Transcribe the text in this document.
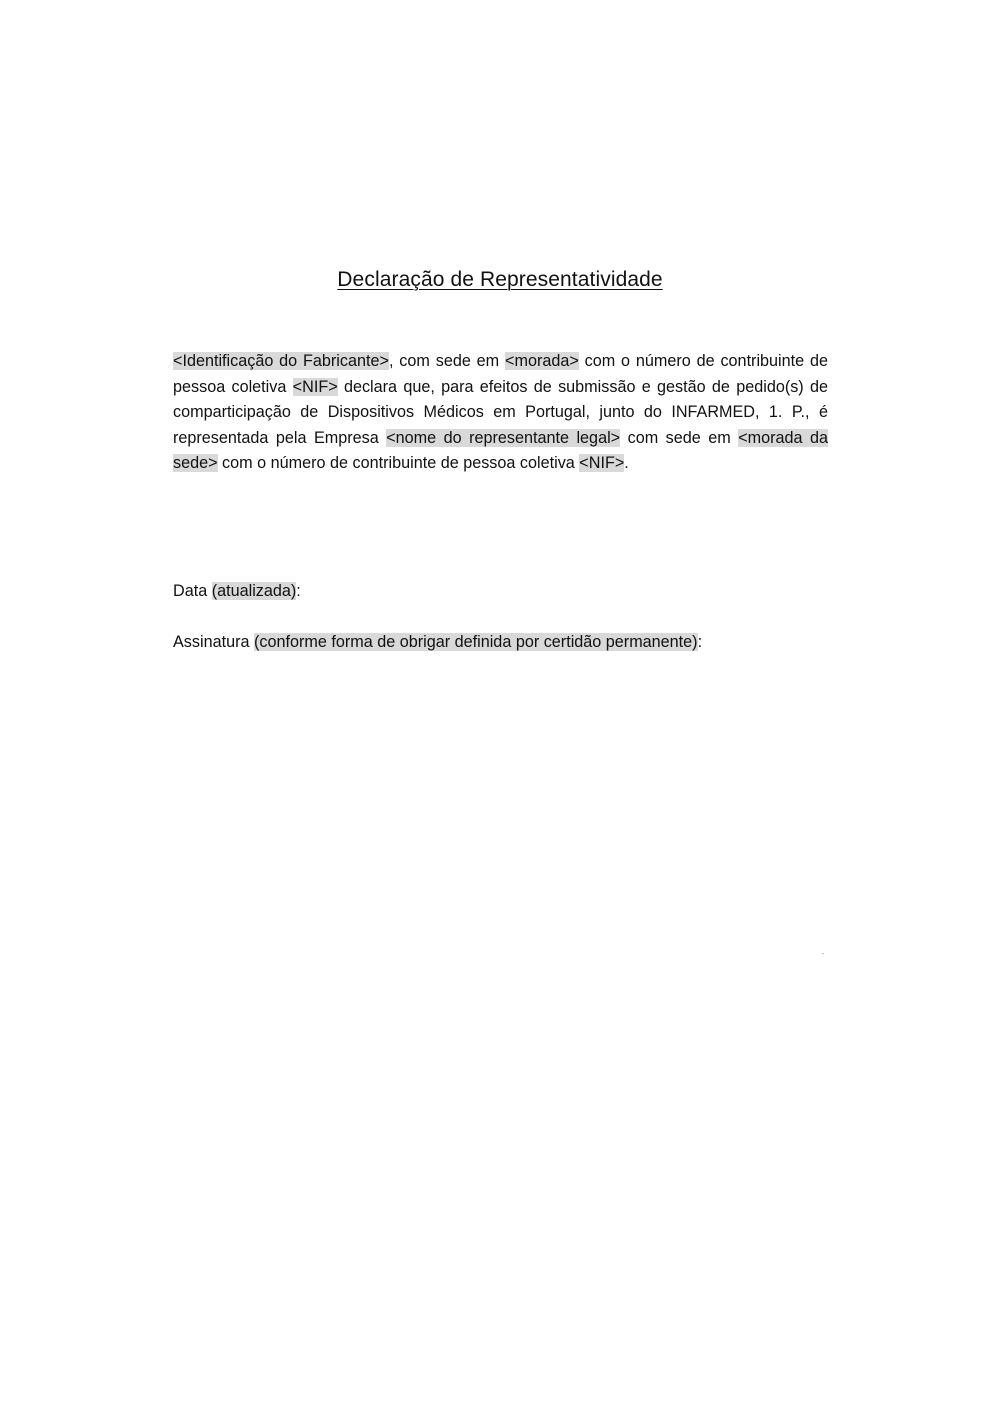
Declaração de Representatividade
<Identificação do Fabricante>, com sede em <morada> com o número de contribuinte de pessoa coletiva <NIF> declara que, para efeitos de submissão e gestão de pedido(s) de comparticipação de Dispositivos Médicos em Portugal, junto do INFARMED, 1. P., é representada pela Empresa <nome do representante legal> com sede em <morada da sede> com o número de contribuinte de pessoa coletiva <NIF>.
Data (atualizada):
Assinatura (conforme forma de obrigar definida por certidão permanente):
"
